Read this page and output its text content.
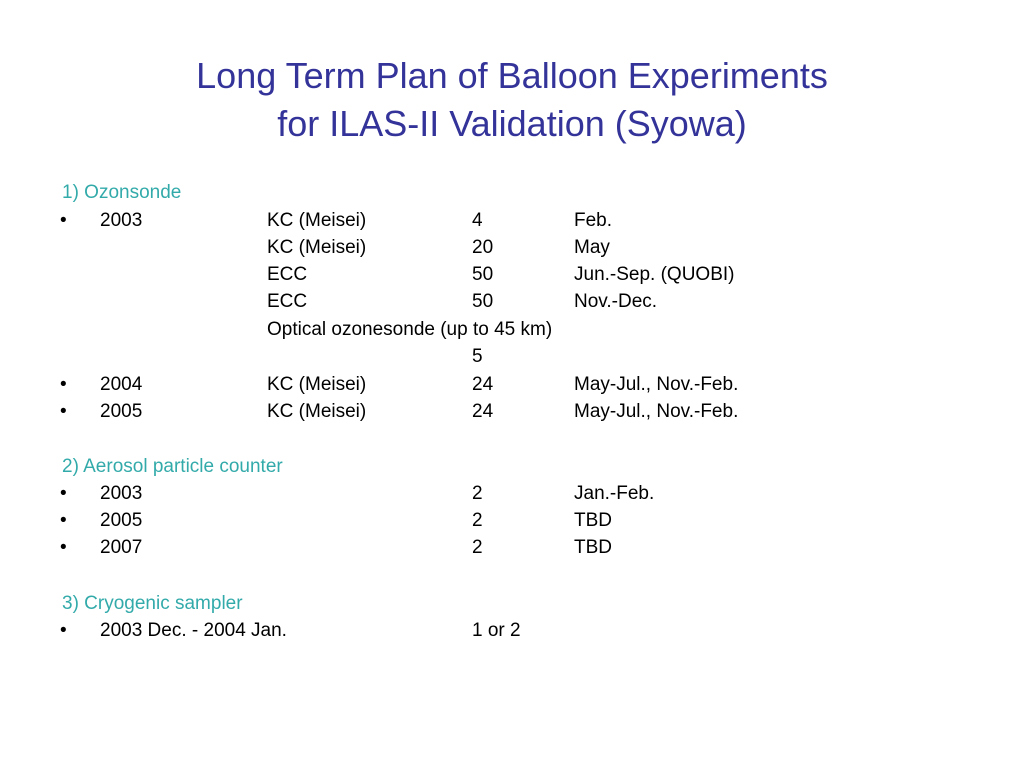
Long Term Plan of Balloon Experiments
for ILAS-II Validation (Syowa)
1) Ozonsonde
• 2003	KC (Meisei)	4	Feb.
KC (Meisei)	20	May
ECC	50	Jun.-Sep. (QUOBI)
ECC	50	Nov.-Dec.
Optical ozonesonde (up to 45 km)
5
• 2004	KC (Meisei)	24	May-Jul., Nov.-Feb.
• 2005	KC (Meisei)	24	May-Jul., Nov.-Feb.
2) Aerosol particle counter
• 2003	2	Jan.-Feb.
• 2005	2	TBD
• 2007	2	TBD
3) Cryogenic sampler
• 2003 Dec. - 2004 Jan.	1 or 2
